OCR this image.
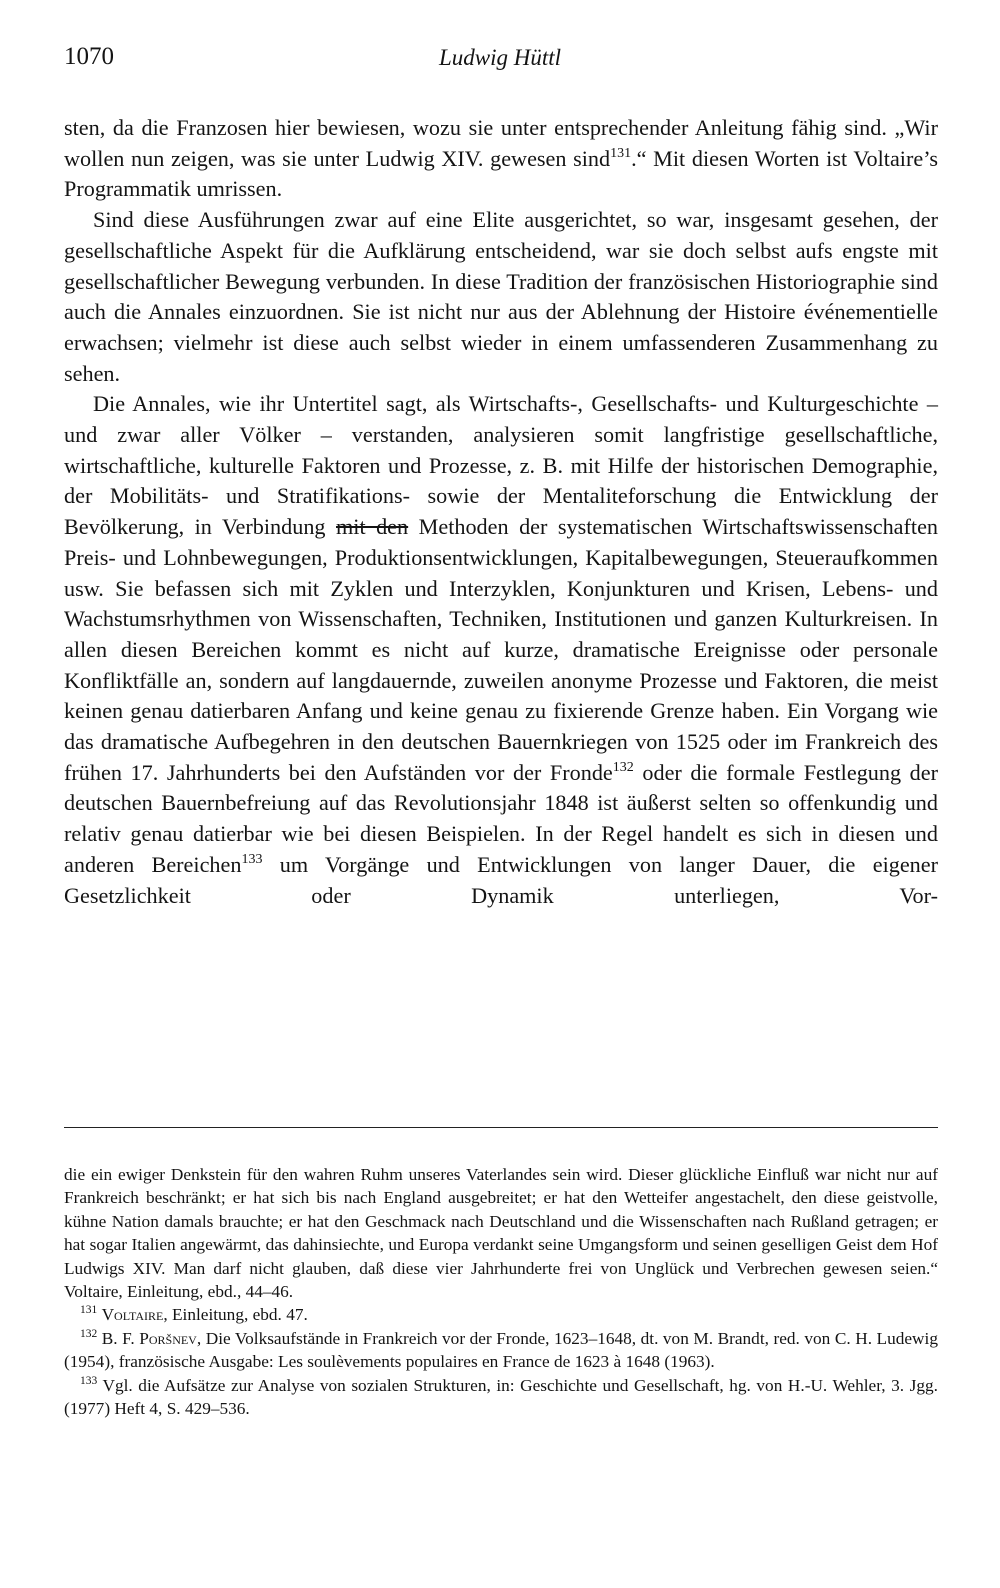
1070	Ludwig Hüttl

sten, da die Franzosen hier bewiesen, wozu sie unter entsprechender Anleitung fähig sind. „Wir wollen nun zeigen, was sie unter Ludwig XIV. gewesen sind$^{131}$.“ Mit diesen Worten ist Voltaire’s Programmatik umrissen.

Sind diese Ausführungen zwar auf eine Elite ausgerichtet, so war, insgesamt gesehen, der gesellschaftliche Aspekt für die Aufklärung entscheidend, war sie doch selbst aufs engste mit gesellschaftlicher Bewegung verbunden. In diese Tradition der französischen Historiographie sind auch die Annales einzuordnen. Sie ist nicht nur aus der Ablehnung der Histoire événementielle erwachsen; vielmehr ist diese auch selbst wieder in einem umfassenderen Zusammenhang zu sehen.

Die Annales, wie ihr Untertitel sagt, als Wirtschafts-, Gesellschafts- und Kulturgeschichte – und zwar aller Völker – verstanden, analysieren somit langfristige gesellschaftliche, wirtschaftliche, kulturelle Faktoren und Prozesse, z. B. mit Hilfe der historischen Demographie, der Mobilitäts- und Stratifikations- sowie der Mentaliteforschung die Entwicklung der Bevölkerung, in Verbindung mit den Methoden der systematischen Wirtschaftswissenschaften Preis- und Lohnbewegungen, Produktionsentwicklungen, Kapitalbewegungen, Steueraufkommen usw. Sie befassen sich mit Zyklen und Interzyklen, Konjunkturen und Krisen, Lebens- und Wachstumsrhythmen von Wissenschaften, Techniken, Institutionen und ganzen Kulturkreisen. In allen diesen Bereichen kommt es nicht auf kurze, dramatische Ereignisse oder personale Konfliktfälle an, sondern auf langdauernde, zuweilen anonyme Prozesse und Faktoren, die meist keinen genau datierbaren Anfang und keine genau zu fixierende Grenze haben. Ein Vorgang wie das dramatische Aufbegehren in den deutschen Bauernkriegen von 1525 oder im Frankreich des frühen 17. Jahrhunderts bei den Aufständen vor der Fronde$^{132}$ oder die formale Festlegung der deutschen Bauernbefreiung auf das Revolutionsjahr 1848 ist äußerst selten so offenkundig und relativ genau datierbar wie bei diesen Beispielen. In der Regel handelt es sich in diesen und anderen Bereichen$^{133}$ um Vorgänge und Entwicklungen von langer Dauer, die eigener Gesetzlichkeit oder Dynamik unterliegen, Vor-

die ein ewiger Denkstein für den wahren Ruhm unseres Vaterlandes sein wird. Dieser glückliche Einfluß war nicht nur auf Frankreich beschränkt; er hat sich bis nach England ausgebreitet; er hat den Wetteifer angestachelt, den diese geistvolle, kühne Nation damals brauchte; er hat den Geschmack nach Deutschland und die Wissenschaften nach Rußland getragen; er hat sogar Italien angewärmt, das dahinsiechte, und Europa verdankt seine Umgangsform und seinen geselligen Geist dem Hof Ludwigs XIV. Man darf nicht glauben, daß diese vier Jahrhunderte frei von Unglück und Verbrechen gewesen seien.“ Voltaire, Einleitung, ebd., 44–46.

$^{131}$ Voltaire, Einleitung, ebd. 47.

$^{132}$ B. F. Poršnev, Die Volksaufstände in Frankreich vor der Fronde, 1623–1648, dt. von M. Brandt, red. von C. H. Ludewig (1954), französische Ausgabe: Les soulèvements populaires en France de 1623 à 1648 (1963).

$^{133}$ Vgl. die Aufsätze zur Analyse von sozialen Strukturen, in: Geschichte und Gesellschaft, hg. von H.-U. Wehler, 3. Jgg. (1977) Heft 4, S. 429–536.
